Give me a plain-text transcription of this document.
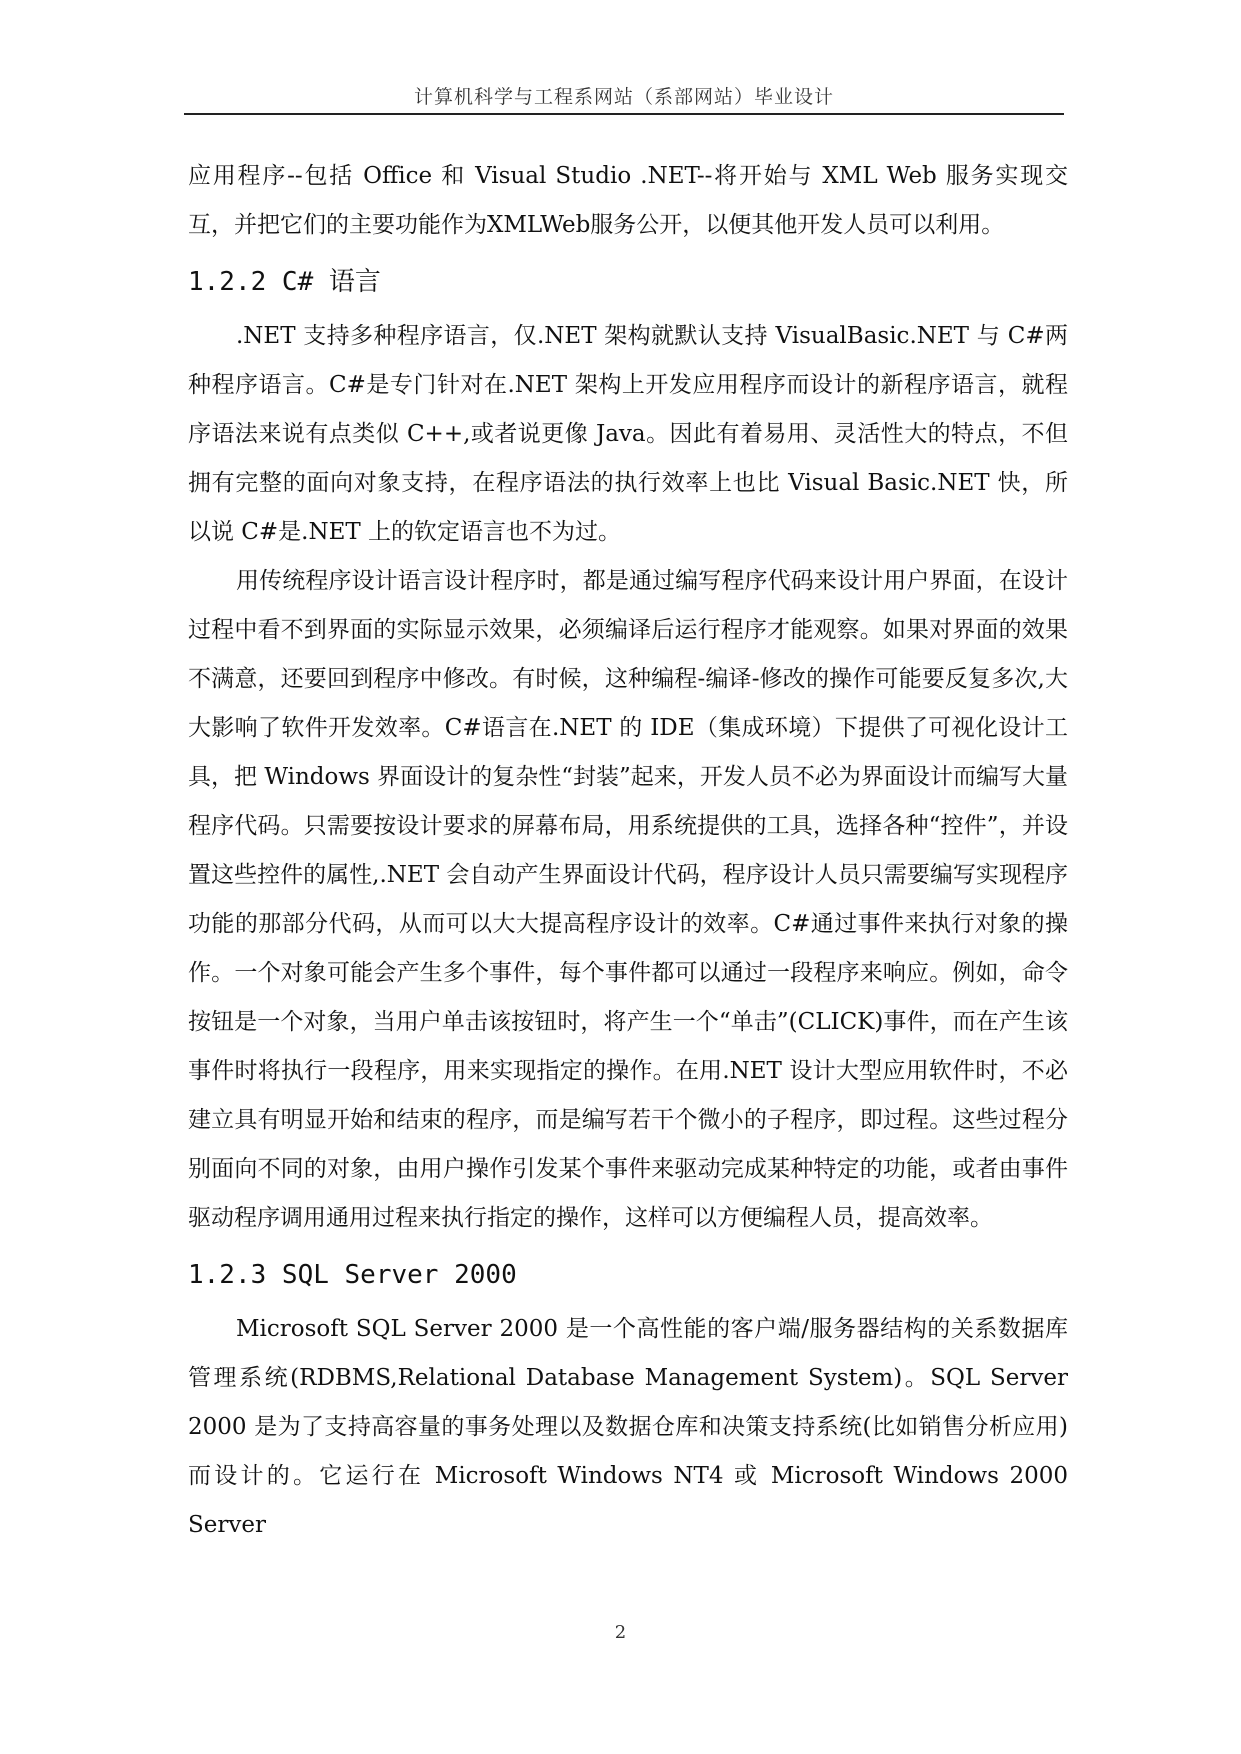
计算机科学与工程系网站（系部网站）毕业设计

应用程序--包括 Office 和 Visual Studio .NET--将开始与 XML Web 服务实现交互，并把它们的主要功能作为XMLWeb服务公开，以便其他开发人员可以利用。

1.2.2 C# 语言

.NET 支持多种程序语言，仅.NET 架构就默认支持 VisualBasic.NET 与 C#两种程序语言。C#是专门针对在.NET 架构上开发应用程序而设计的新程序语言，就程序语法来说有点类似 C++,或者说更像 Java。因此有着易用、灵活性大的特点，不但拥有完整的面向对象支持，在程序语法的执行效率上也比 Visual Basic.NET 快，所以说 C#是.NET 上的钦定语言也不为过。

用传统程序设计语言设计程序时，都是通过编写程序代码来设计用户界面，在设计过程中看不到界面的实际显示效果，必须编译后运行程序才能观察。如果对界面的效果不满意，还要回到程序中修改。有时候，这种编程-编译-修改的操作可能要反复多次,大大影响了软件开发效率。C#语言在.NET 的 IDE（集成环境）下提供了可视化设计工具，把 Windows 界面设计的复杂性“封装”起来，开发人员不必为界面设计而编写大量程序代码。只需要按设计要求的屏幕布局，用系统提供的工具，选择各种“控件”，并设置这些控件的属性,.NET 会自动产生界面设计代码，程序设计人员只需要编写实现程序功能的那部分代码，从而可以大大提高程序设计的效率。C#通过事件来执行对象的操作。一个对象可能会产生多个事件，每个事件都可以通过一段程序来响应。例如，命令按钮是一个对象，当用户单击该按钮时，将产生一个“单击”(CLICK)事件，而在产生该事件时将执行一段程序，用来实现指定的操作。在用.NET 设计大型应用软件时，不必建立具有明显开始和结束的程序，而是编写若干个微小的子程序，即过程。这些过程分别面向不同的对象，由用户操作引发某个事件来驱动完成某种特定的功能，或者由事件驱动程序调用通用过程来执行指定的操作，这样可以方便编程人员，提高效率。

1.2.3 SQL Server 2000

Microsoft SQL Server 2000 是一个高性能的客户端/服务器结构的关系数据库管理系统(RDBMS,Relational Database Management System)。SQL Server 2000 是为了支持高容量的事务处理以及数据仓库和决策支持系统(比如销售分析应用)而设计的。它运行在 Microsoft Windows NT4 或 Microsoft Windows 2000 Server

2
